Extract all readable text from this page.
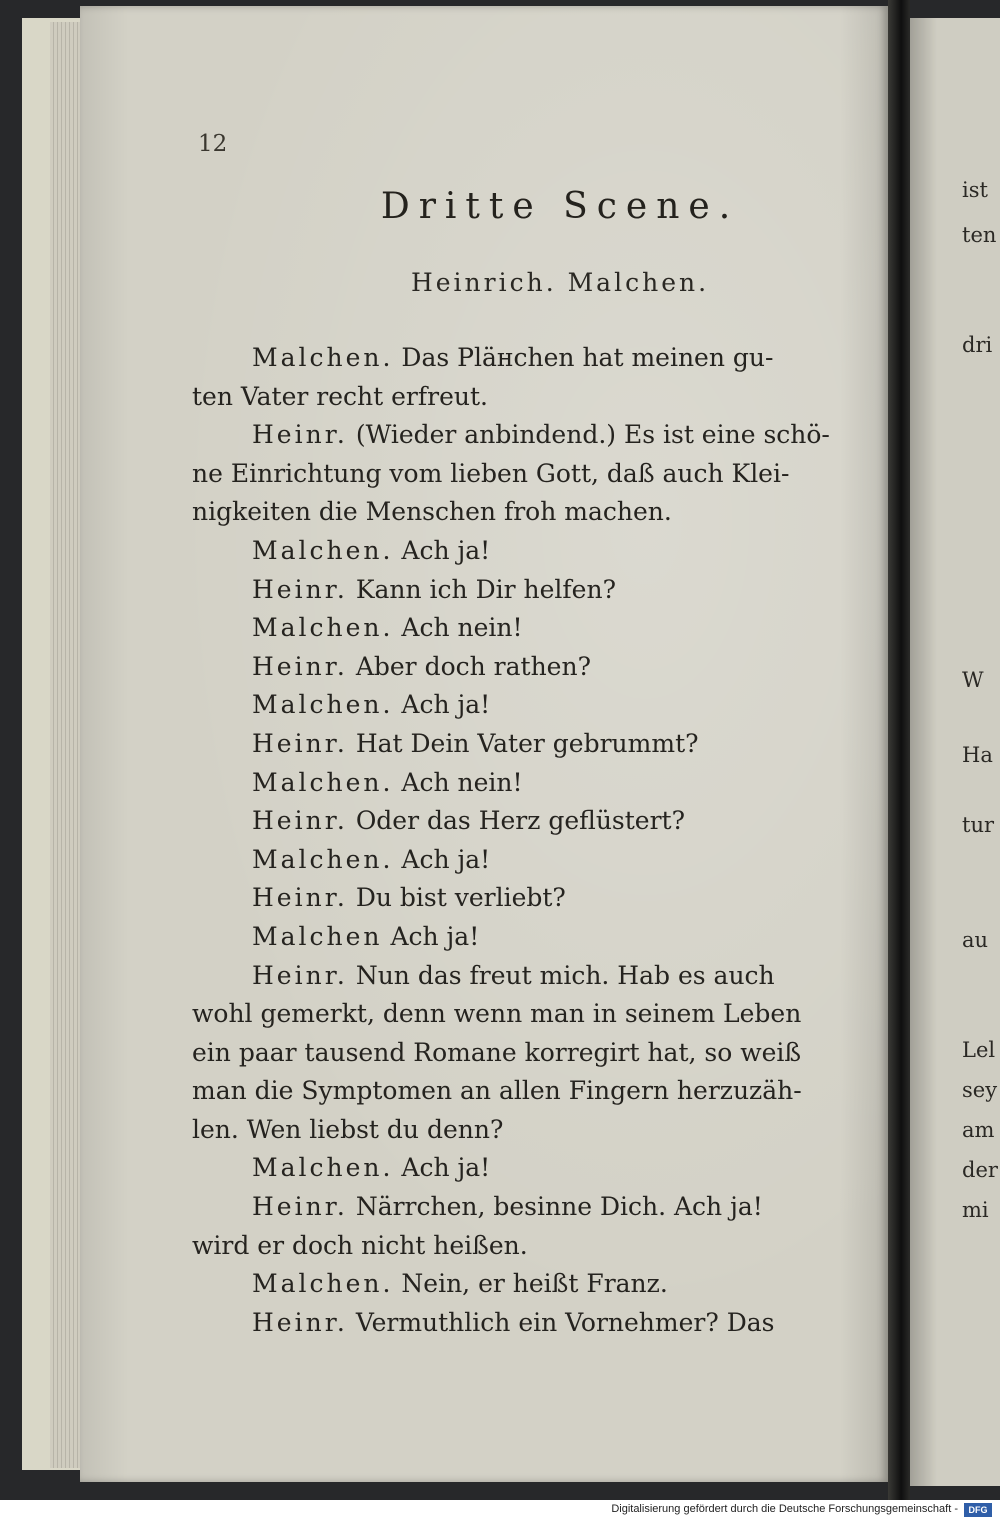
12
Dritte Scene.
Heinrich. Malchen.
Malchen. Das Pläнchen hat meinen gu-
ten Vater recht erfreut.
Heinr. (Wieder anbindend.) Es ist eine schö-
ne Einrichtung vom lieben Gott, daß auch Klei-
nigkeiten die Menschen froh machen.
Malchen. Ach ja!
Heinr. Kann ich Dir helfen?
Malchen. Ach nein!
Heinr. Aber doch rathen?
Malchen. Ach ja!
Heinr. Hat Dein Vater gebrummt?
Malchen. Ach nein!
Heinr. Oder das Herz geflüstert?
Malchen. Ach ja!
Heinr. Du bist verliebt?
Malchen Ach ja!
Heinr. Nun das freut mich. Hab es auch
wohl gemerkt, denn wenn man in seinem Leben
ein paar tausend Romane korregirt hat, so weiß
man die Symptomen an allen Fingern herzuzäh-
len. Wen liebst du denn?
Malchen. Ach ja!
Heinr. Närrchen, besinne Dich. Ach ja!
wird er doch nicht heißen.
Malchen. Nein, er heißt Franz.
Heinr. Vermuthlich ein Vornehmer? Das
ist
ten
dri
W
Ha
tur
au
Lel
sey
am
der
mi
Digitalisierung gefördert durch die Deutsche Forschungsgemeinschaft -	DFG
